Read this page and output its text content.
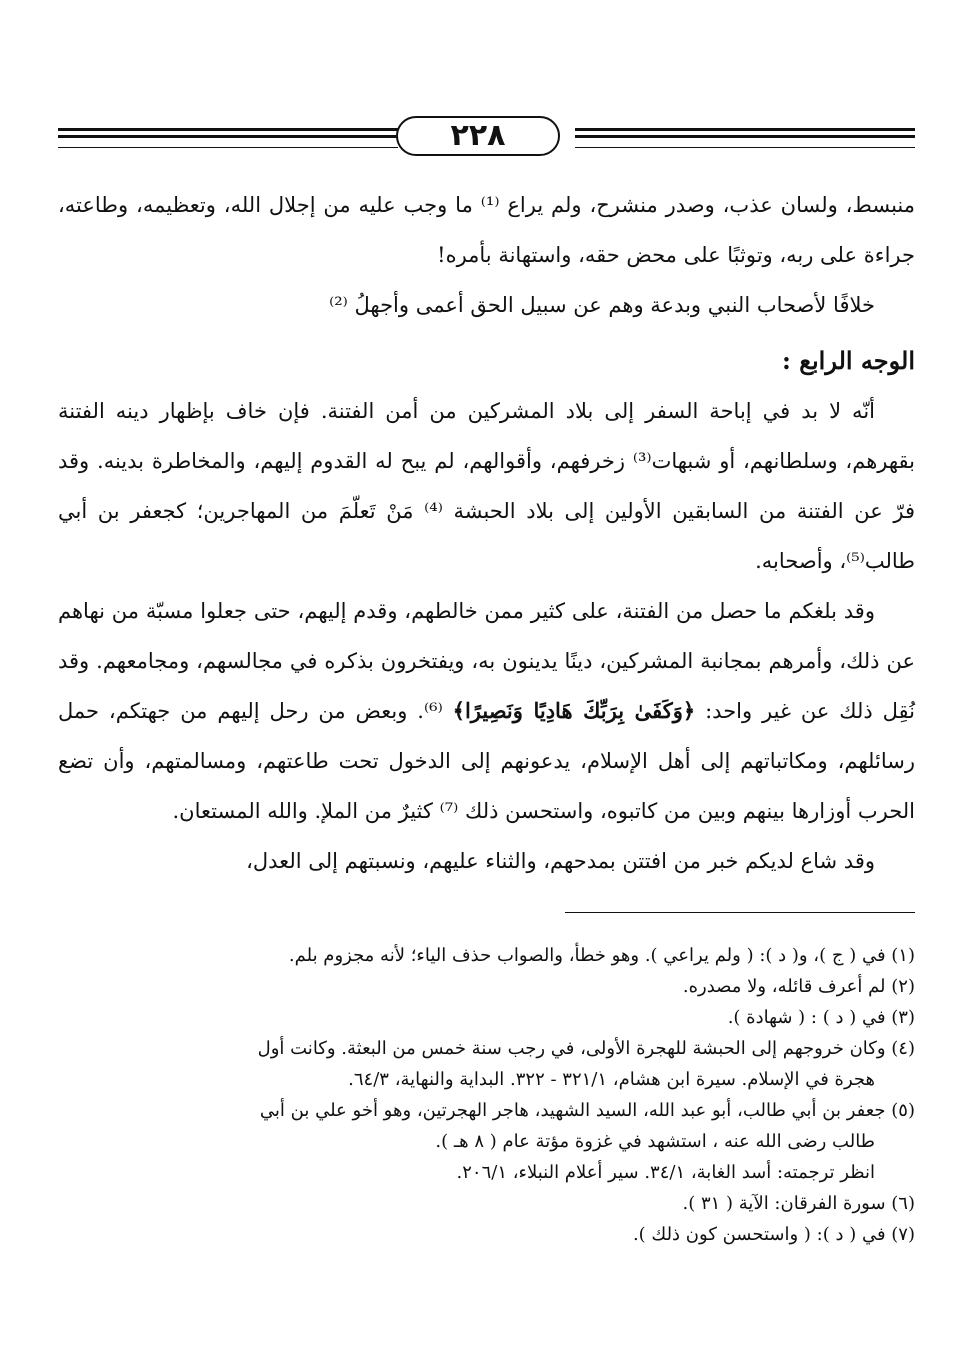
٢٢٨

منبسط، ولسان عذب، وصدر منشرح، ولم يراع ⁽¹⁾ ما وجب عليه من إجلال الله، وتعظيمه، وطاعته، جراءة على ربه، وتوثبًا على محض حقه، واستهانة بأمره!

خلافًا لأصحاب النبي وبدعة وهم عن سبيل الحق أعمى وأجهلُ ⁽²⁾

الوجه الرابع :

أنّه لا بد في إباحة السفر إلى بلاد المشركين من أمن الفتنة. فإن خاف بإظهار دينه الفتنة بقهرهم، وسلطانهم، أو شبهات⁽³⁾ زخرفهم، وأقوالهم، لم يبح له القدوم إليهم، والمخاطرة بدينه. وقد فرّ عن الفتنة من السابقين الأولين إلى بلاد الحبشة ⁽⁴⁾ مَنْ تَعلّمَ من المهاجرين؛ كجعفر بن أبي طالب⁽⁵⁾، وأصحابه.

وقد بلغكم ما حصل من الفتنة، على كثير ممن خالطهم، وقدم إليهم، حتى جعلوا مسبّة من نهاهم عن ذلك، وأمرهم بمجانبة المشركين، دينًا يدينون به، ويفتخرون بذكره في مجالسهم، ومجامعهم. وقد نُقِل ذلك عن غير واحد: ﴿وَكَفَىٰ بِرَبِّكَ هَادِيًا وَنَصِيرًا﴾ ⁽⁶⁾. وبعض من رحل إليهم من جهتكم، حمل رسائلهم، ومكاتباتهم إلى أهل الإسلام، يدعونهم إلى الدخول تحت طاعتهم، ومسالمتهم، وأن تضع الحرب أوزارها بينهم وبين من كاتبوه، واستحسن ذلك ⁽⁷⁾ كثيرٌ من الملإ. والله المستعان.

وقد شاع لديكم خبر من افتتن بمدحهم، والثناء عليهم، ونسبتهم إلى العدل،

(١) في ( ج )، و( د ): ( ولم يراعي ). وهو خطأ، والصواب حذف الياء؛ لأنه مجزوم بلم.

(٢) لم أعرف قائله، ولا مصدره.

(٣) في ( د ) : ( شهادة ).

(٤) وكان خروجهم إلى الحبشة للهجرة الأولى، في رجب سنة خمس من البعثة. وكانت أول

هجرة في الإسلام. سيرة ابن هشام، ٣٢١/١ - ٣٢٢. البداية والنهاية، ٦٤/٣.

(٥) جعفر بن أبي طالب، أبو عبد الله، السيد الشهيد، هاجر الهجرتين، وهو أخو علي بن أبي

طالب رضى الله عنه ، استشهد في غزوة مؤتة عام ( ٨ هـ ).

انظر ترجمته: أسد الغابة، ٣٤/١. سير أعلام النبلاء، ٢٠٦/١.

(٦) سورة الفرقان: الآية ( ٣١ ).

(٧) في ( د ): ( واستحسن كون ذلك ).
